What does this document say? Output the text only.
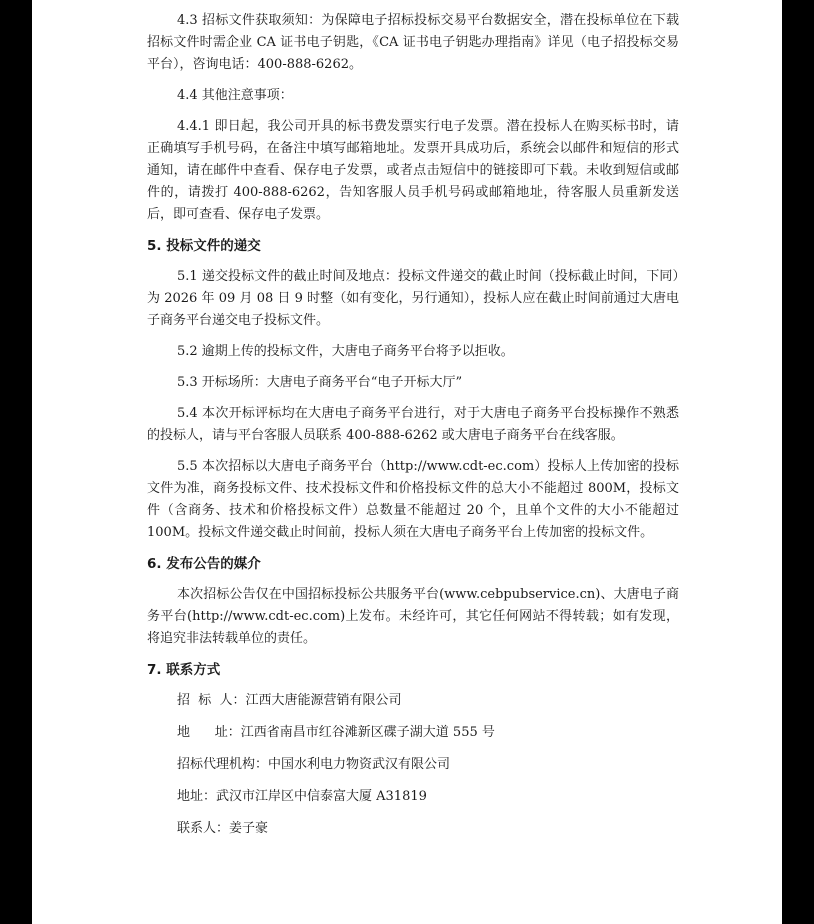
4.3 招标文件获取须知：为保障电子招标投标交易平台数据安全，潜在投标单位在下载招标文件时需企业 CA 证书电子钥匙，《CA 证书电子钥匙办理指南》详见（电子招投标交易平台），咨询电话：400-888-6262。

4.4 其他注意事项：

4.4.1 即日起，我公司开具的标书费发票实行电子发票。潜在投标人在购买标书时，请正确填写手机号码，在备注中填写邮箱地址。发票开具成功后，系统会以邮件和短信的形式通知，请在邮件中查看、保存电子发票，或者点击短信中的链接即可下载。未收到短信或邮件的，请拨打 400-888-6262，告知客服人员手机号码或邮箱地址，待客服人员重新发送后，即可查看、保存电子发票。

5. 投标文件的递交

5.1 递交投标文件的截止时间及地点：投标文件递交的截止时间（投标截止时间，下同）为 2026 年 09 月 08 日 9 时整（如有变化，另行通知），投标人应在截止时间前通过大唐电子商务平台递交电子投标文件。

5.2 逾期上传的投标文件，大唐电子商务平台将予以拒收。

5.3 开标场所：大唐电子商务平台“电子开标大厅”

5.4 本次开标评标均在大唐电子商务平台进行，对于大唐电子商务平台投标操作不熟悉的投标人，请与平台客服人员联系 400-888-6262 或大唐电子商务平台在线客服。

5.5 本次招标以大唐电子商务平台（http://www.cdt-ec.com）投标人上传加密的投标文件为准，商务投标文件、技术投标文件和价格投标文件的总大小不能超过 800M，投标文件（含商务、技术和价格投标文件）总数量不能超过 20 个，且单个文件的大小不能超过 100M。投标文件递交截止时间前，投标人须在大唐电子商务平台上传加密的投标文件。

6. 发布公告的媒介

本次招标公告仅在中国招标投标公共服务平台(www.cebpubservice.cn)、大唐电子商务平台(http://www.cdt-ec.com)上发布。未经许可，其它任何网站不得转载；如有发现，将追究非法转载单位的责任。

7. 联系方式

招  标  人：江西大唐能源营销有限公司

地      址：江西省南昌市红谷滩新区碟子湖大道 555 号

招标代理机构：中国水利电力物资武汉有限公司

地址：武汉市江岸区中信泰富大厦 A31819

联系人：姜子豪
